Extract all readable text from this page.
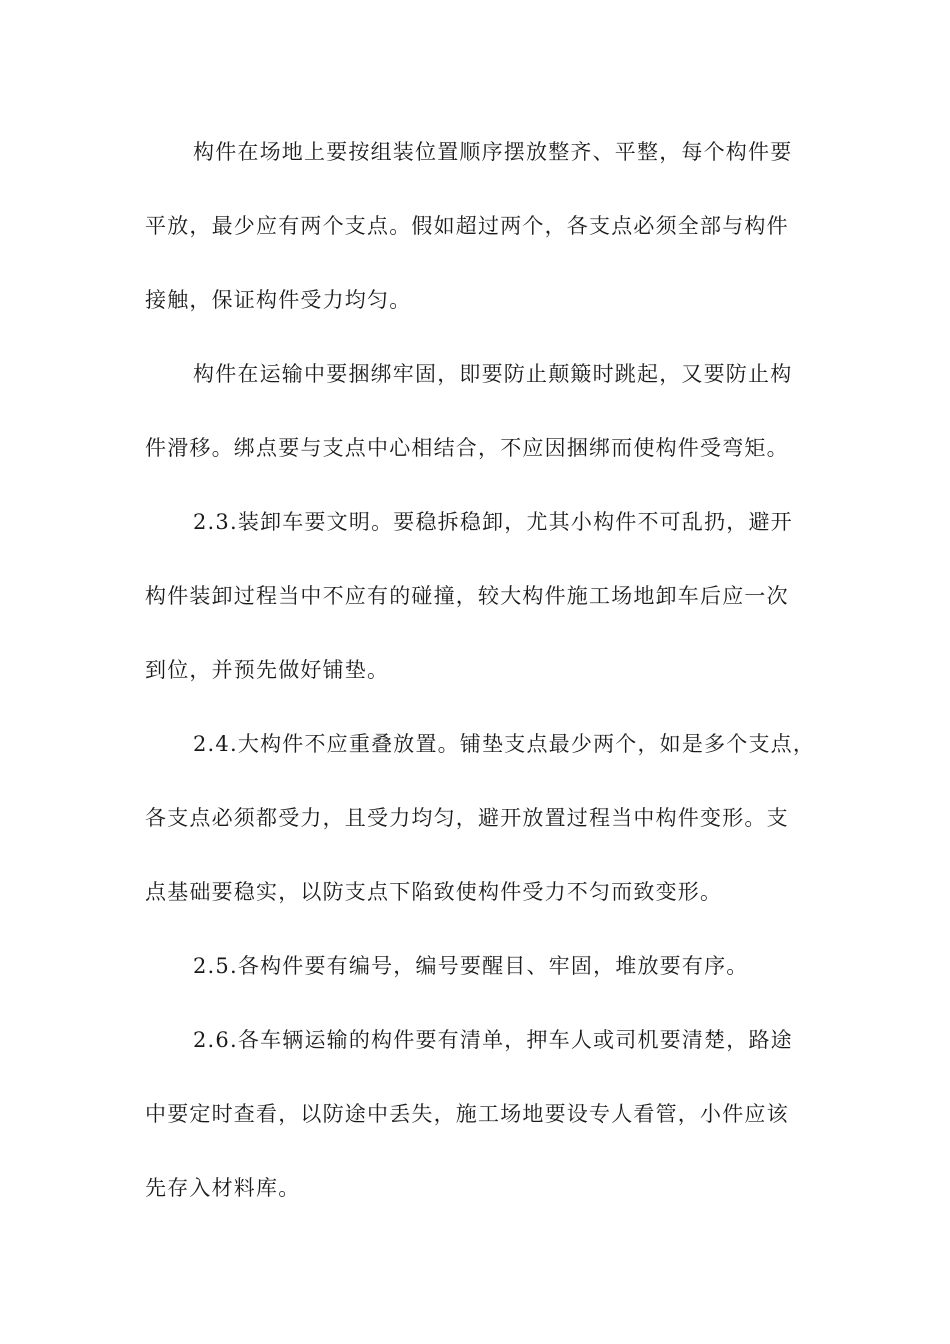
构件在场地上要按组装位置顺序摆放整齐、平整，每个构件要
平放，最少应有两个支点。假如超过两个，各支点必须全部与构件
接触，保证构件受力均匀。
构件在运输中要捆绑牢固，即要防止颠簸时跳起，又要防止构
件滑移。绑点要与支点中心相结合，不应因捆绑而使构件受弯矩。
2.3.装卸车要文明。要稳拆稳卸，尤其小构件不可乱扔，避开
构件装卸过程当中不应有的碰撞，较大构件施工场地卸车后应一次
到位，并预先做好铺垫。
2.4.大构件不应重叠放置。铺垫支点最少两个，如是多个支点，
各支点必须都受力，且受力均匀，避开放置过程当中构件变形。支
点基础要稳实，以防支点下陷致使构件受力不匀而致变形。
2.5.各构件要有编号，编号要醒目、牢固，堆放要有序。
2.6.各车辆运输的构件要有清单，押车人或司机要清楚，路途
中要定时查看，以防途中丢失，施工场地要设专人看管，小件应该
先存入材料库。
